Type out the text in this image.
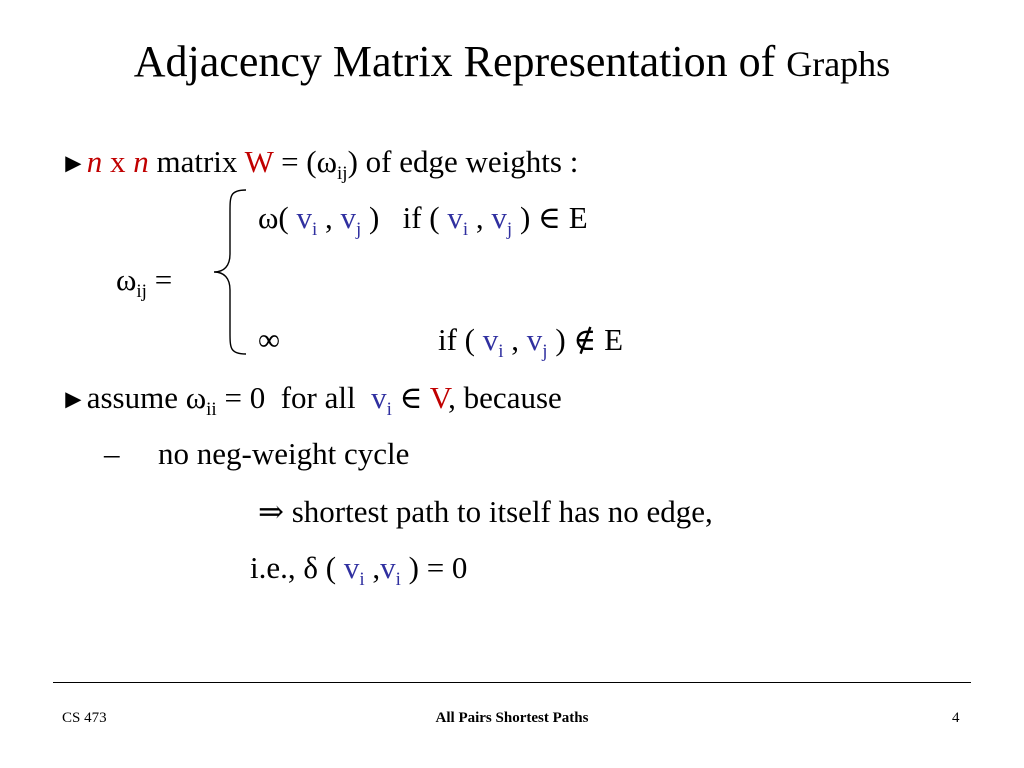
Adjacency Matrix Representation of Graphs
►n x n matrix $W = (\omega_{ij})$ of edge weights :
ω( $v_i$ , $v_j$ )   if ( $v_i$ , $v_j$ ) ∈ E
$\omega_{ij}$ =
∞	if ( $v_i$ , $v_j$ ) ∉ E
►assume $\omega_{ii} = 0$  for all  $v_i$ ∈ V, because
– no neg-weight cycle
⇒ shortest path to itself has no edge,
i.e., δ ( $v_i$ $,v_i$ ) = 0
CS 473	All Pairs Shortest Paths	4
